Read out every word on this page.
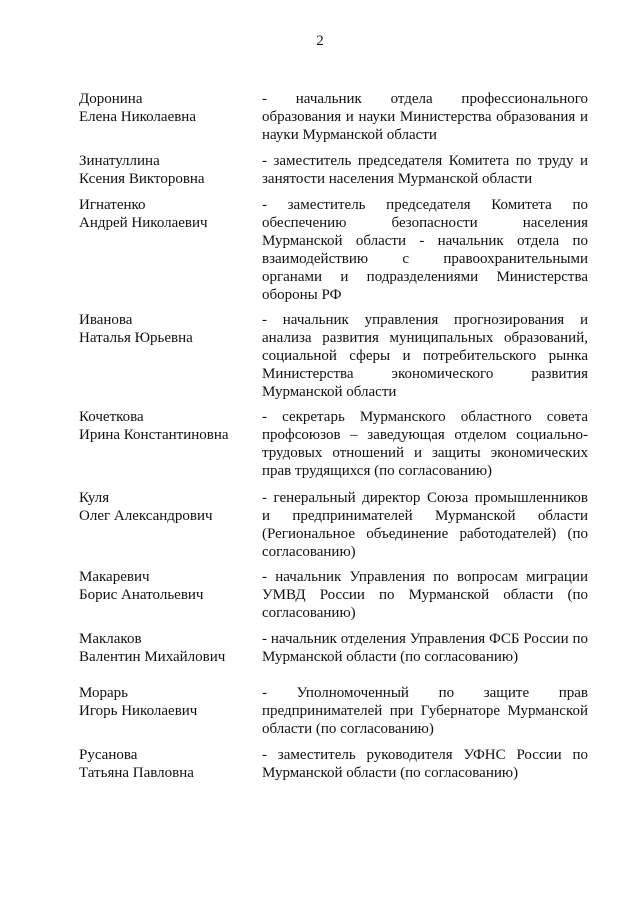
2
Доронина
Елена Николаевна
- начальник отдела профессионального образования и науки Министерства образования и науки Мурманской области
Зинатуллина
Ксения Викторовна
- заместитель председателя Комитета по труду и занятости населения Мурманской области
Игнатенко
Андрей Николаевич
- заместитель председателя Комитета по обеспечению безопасности населения Мурманской области - начальник отдела по взаимодействию с правоохранительными органами и подразделениями Министерства обороны РФ
Иванова
Наталья Юрьевна
- начальник управления прогнозирования и анализа развития муниципальных образований, социальной сферы и потребительского рынка Министерства экономического развития Мурманской области
Кочеткова
Ирина Константиновна
- секретарь Мурманского областного совета профсоюзов – заведующая отделом социально-трудовых отношений и защиты экономических прав трудящихся (по согласованию)
Куля
Олег Александрович
- генеральный директор Союза промышленников и предпринимателей Мурманской области (Региональное объединение работодателей) (по согласованию)
Макаревич
Борис Анатольевич
- начальник Управления по вопросам миграции УМВД России по Мурманской области (по согласованию)
Маклаков
Валентин Михайлович
- начальник отделения Управления ФСБ России по Мурманской области (по согласованию)
Морарь
Игорь Николаевич
- Уполномоченный по защите прав предпринимателей при Губернаторе Мурманской области (по согласованию)
Русанова
Татьяна Павловна
- заместитель руководителя УФНС России по Мурманской области (по согласованию)
